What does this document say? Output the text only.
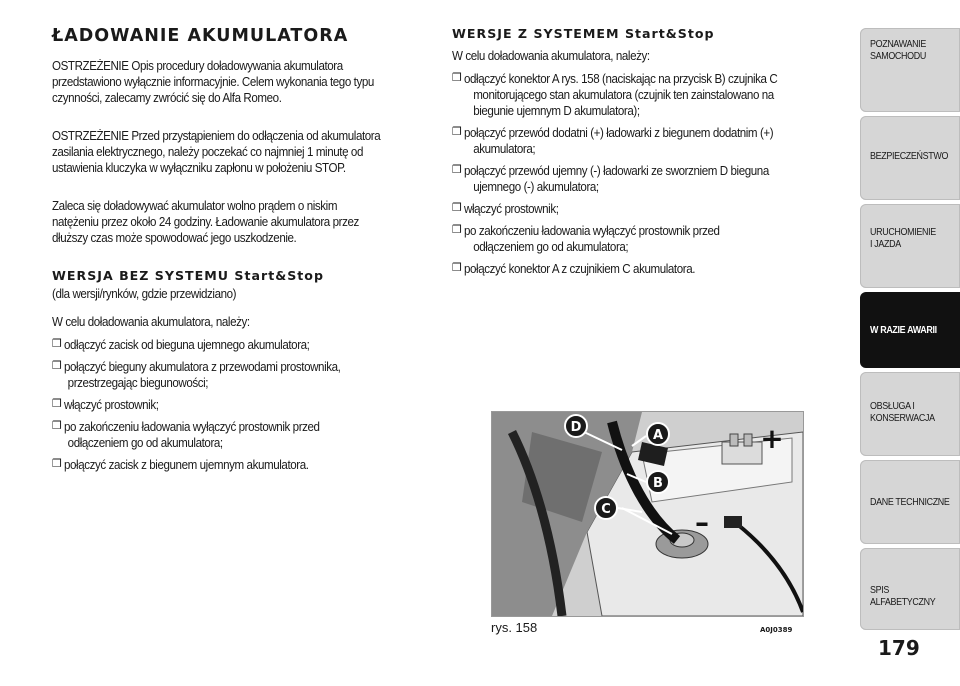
ŁADOWANIE AKUMULATORA

OSTRZEŻENIE Opis procedury doładowywania akumulatora

przedstawiono wyłącznie informacyjnie. Celem wykonania tego typu

czynności, zalecamy zwrócić się do Alfa Romeo.

OSTRZEŻENIE Przed przystąpieniem do odłączenia od akumulatora

zasilania elektrycznego, należy poczekać co najmniej 1 minutę od

ustawienia kluczyka w wyłączniku zapłonu w położeniu STOP.

Zaleca się doładowywać akumulator wolno prądem o niskim

natężeniu przez około 24 godziny. Ładowanie akumulatora przez

dłuższy czas może spowodować jego uszkodzenie.

WERSJA BEZ SYSTEMU Start&Stop

(dla wersji/rynków, gdzie przewidziano)

W celu doładowania akumulatora, należy:

❒ odłączyć zacisk od bieguna ujemnego akumulatora;

❒ połączyć bieguny akumulatora z przewodami prostownika,

przestrzegając biegunowości;

❒ włączyć prostownik;

❒ po zakończeniu ładowania wyłączyć prostownik przed

odłączeniem go od akumulatora;

❒ połączyć zacisk z biegunem ujemnym akumulatora.

WERSJE Z SYSTEMEM Start&Stop

W celu doładowania akumulatora, należy:

❒ odłączyć konektor A rys. 158 (naciskając na przycisk B) czujnika C

monitorującego stan akumulatora (czujnik ten zainstalowano na

biegunie ujemnym D akumulatora);

❒ połączyć przewód dodatni (+) ładowarki z biegunem dodatnim (+)

akumulatora;

❒ połączyć przewód ujemny (-) ładowarki ze sworzniem D bieguna

ujemnego (-) akumulatora;

❒ włączyć prostownik;

❒ po zakończeniu ładowania wyłączyć prostownik przed

odłączeniem go od akumulatora;

❒ połączyć konektor A z czujnikiem C akumulatora.

D
A
B
C
+
–
rys. 158	A0J0389
POZNAWANIE SAMOCHODU
BEZPIECZEŃSTWO
URUCHOMIENIE I JAZDA
W RAZIE AWARII
OBSŁUGA I KONSERWACJA
DANE TECHNICZNE
SPIS ALFABETYCZNY
179
